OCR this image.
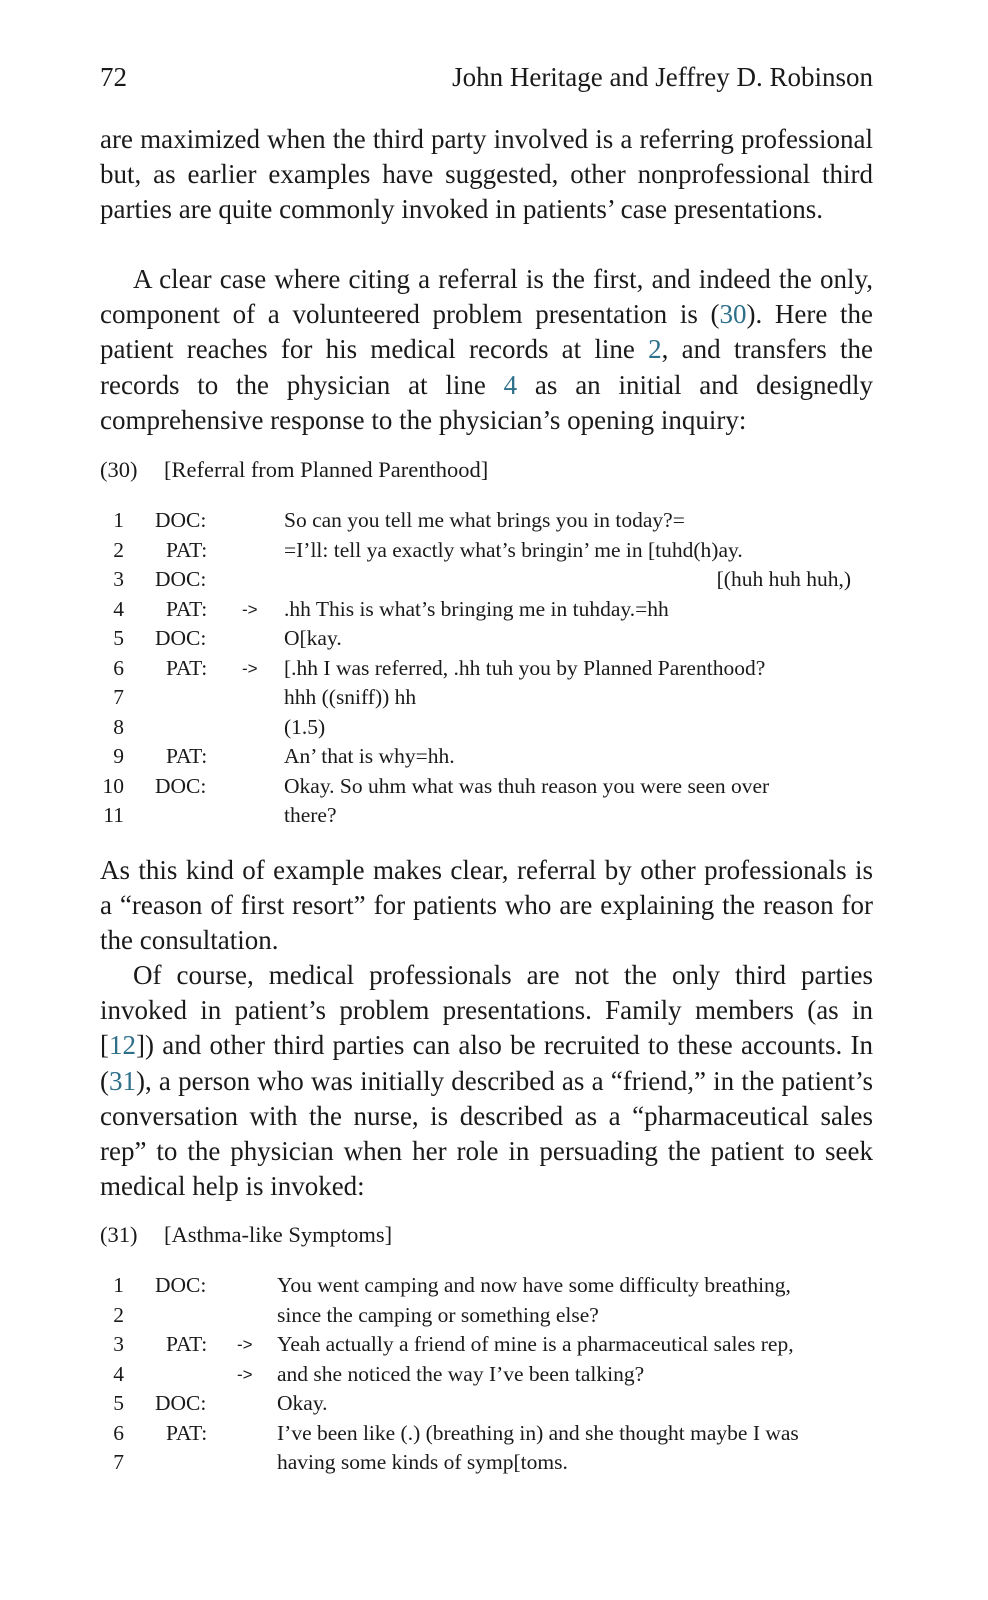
72	John Heritage and Jeffrey D. Robinson

are maximized when the third party involved is a referring professional but, as earlier examples have suggested, other nonprofessional third parties are quite commonly invoked in patients’ case presentations.

A clear case where citing a referral is the first, and indeed the only, component of a volunteered problem presentation is (30). Here the patient reaches for his medical records at line 2, and transfers the records to the physician at line 4 as an initial and designedly comprehensive response to the physician’s opening inquiry:

(30) [Referral from Planned Parenthood]
1 DOC:	So can you tell me what brings you in today?=
2 PAT:	=I’ll: tell ya exactly what’s bringin’ me in [tuhd(h)ay.
3 DOC:	[(huh huh huh,)
4 PAT: -> .hh This is what’s bringing me in tuhday.=hh
5 DOC:	O[kay.
6 PAT: -> [.hh I was referred, .hh tuh you by Planned Parenthood?
7	hhh ((sniff)) hh
8	(1.5)
9 PAT:	An’ that is why=hh.
10 DOC:	Okay. So uhm what was thuh reason you were seen over
11	there?

As this kind of example makes clear, referral by other professionals is a “reason of first resort” for patients who are explaining the reason for the consultation.

Of course, medical professionals are not the only third parties invoked in patient’s problem presentations. Family members (as in [12]) and other third parties can also be recruited to these accounts. In (31), a person who was initially described as a “friend,” in the patient’s conversation with the nurse, is described as a “pharmaceutical sales rep” to the physician when her role in persuading the patient to seek medical help is invoked:

(31) [Asthma-like Symptoms]
1 DOC:	You went camping and now have some difficulty breathing,
2	since the camping or something else?
3 PAT: -> Yeah actually a friend of mine is a pharmaceutical sales rep,
4	-> and she noticed the way I’ve been talking?
5 DOC:	Okay.
6 PAT:	I’ve been like (.) (breathing in) and she thought maybe I was
7	having some kinds of symp[toms.
